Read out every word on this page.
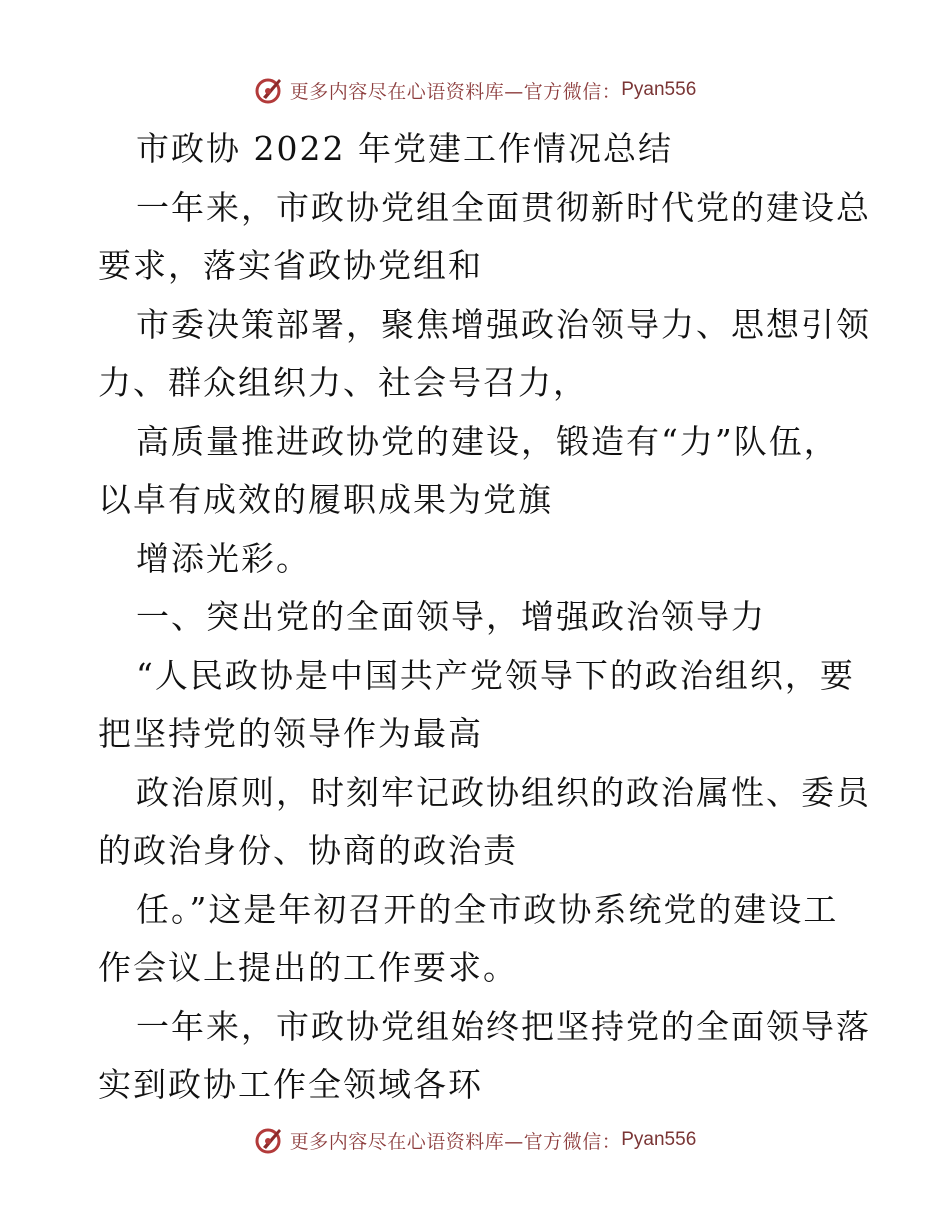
更多内容尽在心语资料库—官方微信： Pyan556
市政协 2022 年党建工作情况总结
一年来，市政协党组全面贯彻新时代党的建设总
要求，落实省政协党组和
市委决策部署，聚焦增强政治领导力、思想引领
力、群众组织力、社会号召力，
高质量推进政协党的建设，锻造有“力”队伍，
以卓有成效的履职成果为党旗
增添光彩。
一、突出党的全面领导，增强政治领导力
“人民政协是中国共产党领导下的政治组织，要
把坚持党的领导作为最高
政治原则，时刻牢记政协组织的政治属性、委员
的政治身份、协商的政治责
任。”这是年初召开的全市政协系统党的建设工
作会议上提出的工作要求。
一年来，市政协党组始终把坚持党的全面领导落
实到政协工作全领域各环
更多内容尽在心语资料库—官方微信： Pyan556
